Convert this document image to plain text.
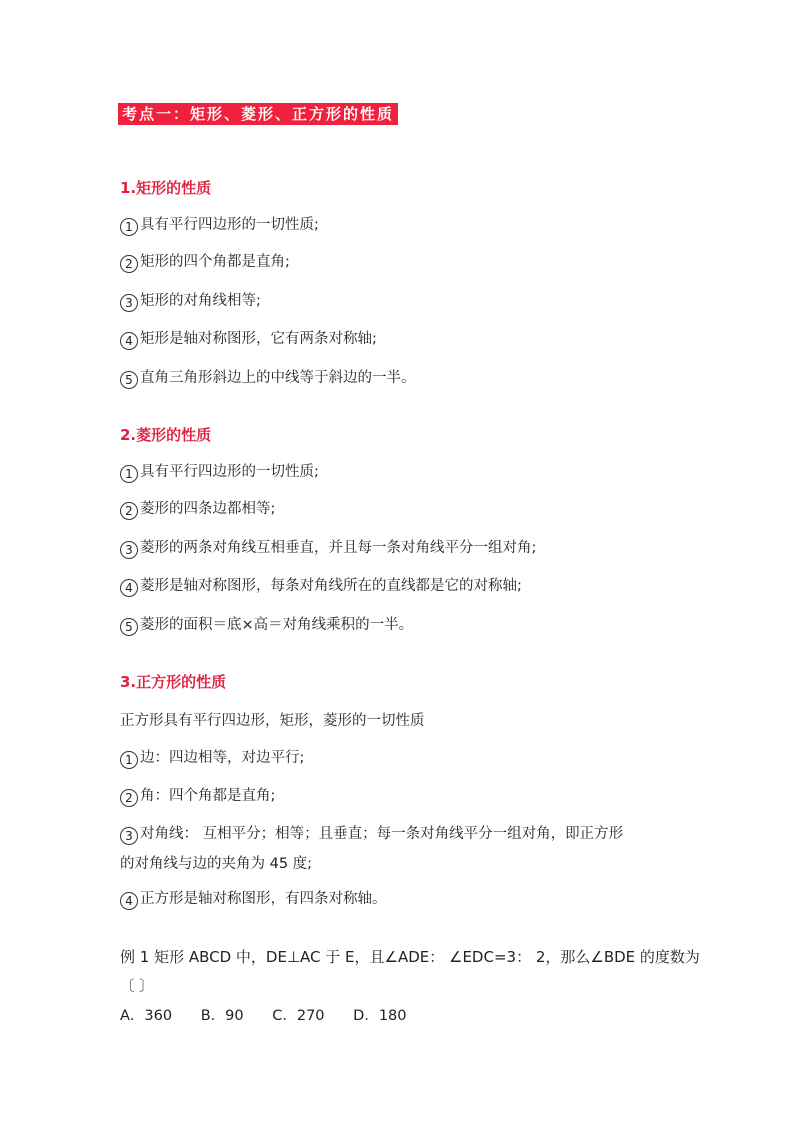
考点一：矩形、菱形、正方形的性质
1.矩形的性质
1 具有平行四边形的一切性质;
2 矩形的四个角都是直角;
3 矩形的对角线相等;
4 矩形是轴对称图形，它有两条对称轴;
5 直角三角形斜边上的中线等于斜边的一半。
2.菱形的性质
1 具有平行四边形的一切性质;
2 菱形的四条边都相等;
3 菱形的两条对角线互相垂直，并且每一条对角线平分一组对角;
4 菱形是轴对称图形，每条对角线所在的直线都是它的对称轴;
5 菱形的面积＝底×高＝对角线乘积的一半。
3.正方形的性质
正方形具有平行四边形，矩形，菱形的一切性质
1 边：四边相等，对边平行;
2 角：四个角都是直角;
3 对角线： 互相平分；相等；且垂直；每一条对角线平分一组对角，即正方形
的对角线与边的夹角为 45 度;
4 正方形是轴对称图形，有四条对称轴。
例 1 矩形 ABCD 中，DE⊥AC 于 E，且∠ADE： ∠EDC=3： 2，那么∠BDE 的度数为
〔 〕
A．360 B．90 C．270 D．180
